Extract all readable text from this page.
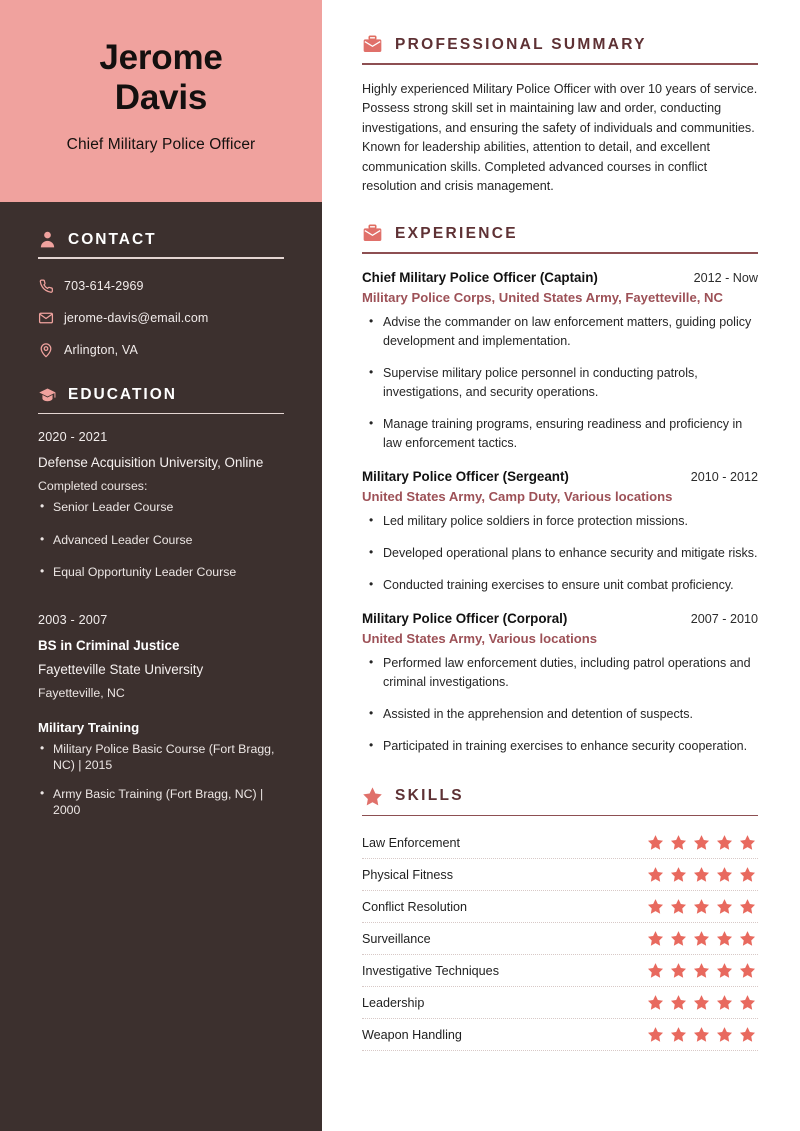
Jerome
Davis
Chief Military Police Officer
CONTACT
703-614-2969
jerome-davis@email.com
Arlington, VA
EDUCATION
2020 - 2021
Defense Acquisition University, Online
Completed courses:
• Senior Leader Course
• Advanced Leader Course
• Equal Opportunity Leader Course
2003 - 2007
BS in Criminal Justice
Fayetteville State University
Fayetteville, NC
Military Training
• Military Police Basic Course (Fort Bragg, NC) | 2015
• Army Basic Training (Fort Bragg, NC) | 2000
PROFESSIONAL SUMMARY

Highly experienced Military Police Officer with over 10 years of service. Possess strong skill set in maintaining law and order, conducting investigations, and ensuring the safety of individuals and communities. Known for leadership abilities, attention to detail, and excellent communication skills. Completed advanced courses in conflict resolution and crisis management.

EXPERIENCE
Chief Military Police Officer (Captain)	2012 - Now
Military Police Corps, United States Army, Fayetteville, NC
• Advise the commander on law enforcement matters, guiding policy development and implementation.
• Supervise military police personnel in conducting patrols, investigations, and security operations.
• Manage training programs, ensuring readiness and proficiency in law enforcement tactics.
Military Police Officer (Sergeant)	2010 - 2012
United States Army, Camp Duty, Various locations
• Led military police soldiers in force protection missions.
• Developed operational plans to enhance security and mitigate risks.
• Conducted training exercises to ensure unit combat proficiency.
Military Police Officer (Corporal)	2007 - 2010
United States Army, Various locations
• Performed law enforcement duties, including patrol operations and criminal investigations.
• Assisted in the apprehension and detention of suspects.
• Participated in training exercises to enhance security cooperation.
SKILLS
Law Enforcement
Physical Fitness
Conflict Resolution
Surveillance
Investigative Techniques
Leadership
Weapon Handling
